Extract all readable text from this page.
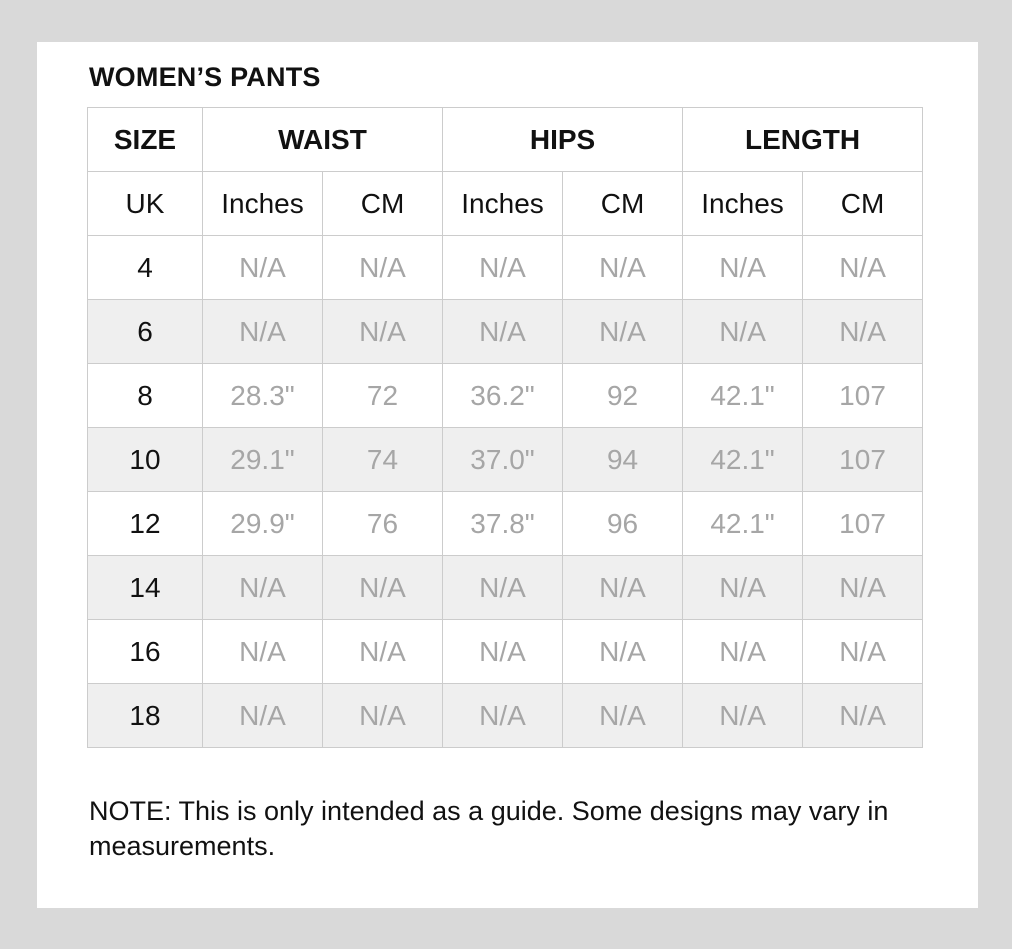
WOMEN’S PANTS
SIZE	WAIST		HIPS		LENGTH	
UK	Inches	CM	Inches	CM	Inches	CM
4	N/A	N/A	N/A	N/A	N/A	N/A
6	N/A	N/A	N/A	N/A	N/A	N/A
8	28.3"	72	36.2"	92	42.1"	107
10	29.1"	74	37.0"	94	42.1"	107
12	29.9"	76	37.8"	96	42.1"	107
14	N/A	N/A	N/A	N/A	N/A	N/A
16	N/A	N/A	N/A	N/A	N/A	N/A
18	N/A	N/A	N/A	N/A	N/A	N/A

NOTE: This is only intended as a guide. Some designs may vary in measurements.
